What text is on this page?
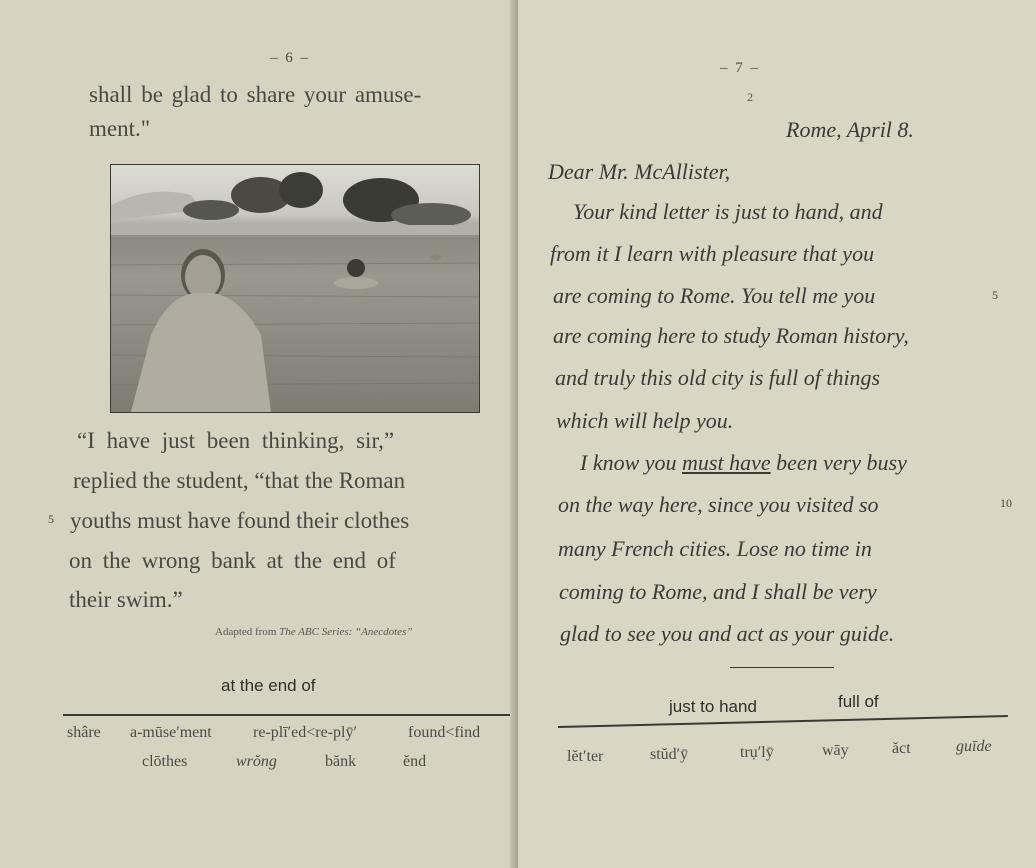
– 6 –
shall be glad to share your amuse-
ment."
“I have just been thinking, sir,”
replied the student, “that the Roman
5 youths must have found their clothes
on the wrong bank at the end of
their swim.”
Adapted from The ABC Series: “Anecdotes”
at the end of
shâre a-mūse′ment	re-plī′ed<re-plȳ′	found<find
clōthes	wrŏng	bănk	ĕnd
– 7 –
2
Rome, April 8.
Dear Mr. McAllister,
Your kind letter is just to hand, and
from it I learn with pleasure that you
are coming to Rome. You tell me you	5
are coming here to study Roman history,
and truly this old city is full of things
which will help you.
I know you must have been very busy
on the way here, since you visited so	10
many French cities. Lose no time in
coming to Rome, and I shall be very
glad to see you and act as your guide.
just to hand	full of
lĕt′ter	stŭd′ȳ	trụ′lȳ	wāy	ăct	guīde
